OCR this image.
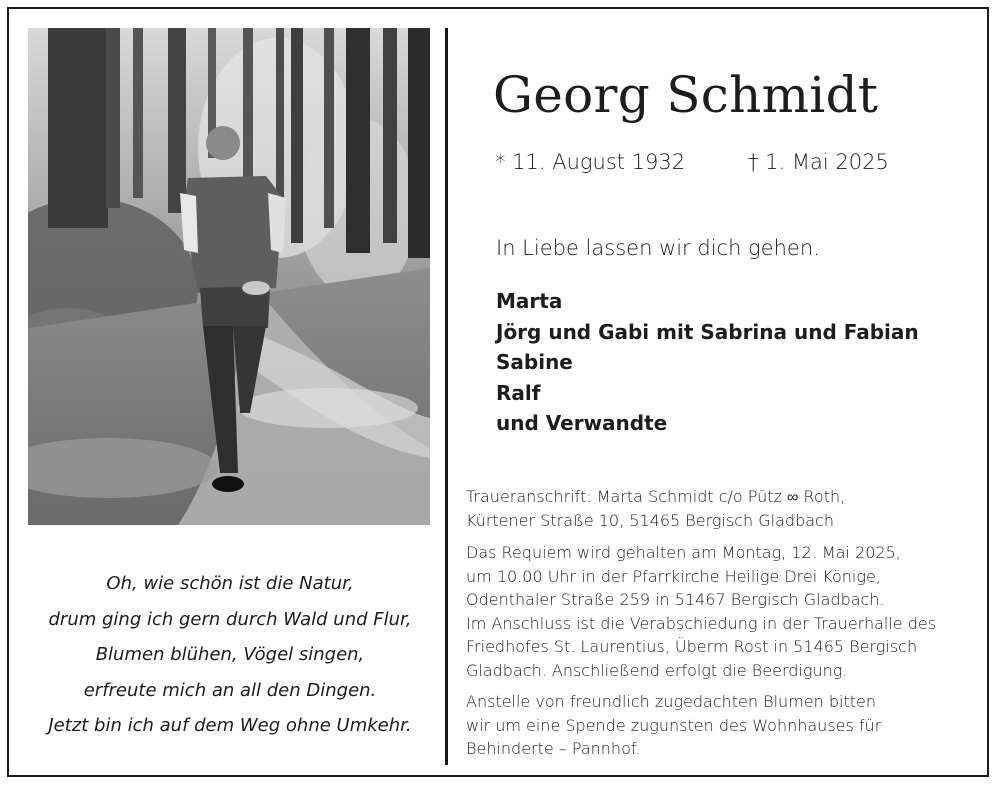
Oh, wie schön ist die Natur,
drum ging ich gern durch Wald und Flur,
Blumen blühen, Vögel singen,
erfreute mich an all den Dingen.
Jetzt bin ich auf dem Weg ohne Umkehr.
Georg Schmidt
* 11. August 1932	† 1. Mai 2025
In Liebe lassen wir dich gehen.
Marta
Jörg und Gabi mit Sabrina und Fabian
Sabine
Ralf
und Verwandte
Traueranschrift: Marta Schmidt c/o Pütz ∞ Roth,
Kürtener Straße 10, 51465 Bergisch Gladbach
Das Requiem wird gehalten am Montag, 12. Mai 2025,
um 10.00 Uhr in der Pfarrkirche Heilige Drei Könige,
Odenthaler Straße 259 in 51467 Bergisch Gladbach.
Im Anschluss ist die Verabschiedung in der Trauerhalle des
Friedhofes St. Laurentius, Überm Rost in 51465 Bergisch
Gladbach. Anschließend erfolgt die Beerdigung.
Anstelle von freundlich zugedachten Blumen bitten
wir um eine Spende zugunsten des Wohnhauses für
Behinderte – Pannhof.
